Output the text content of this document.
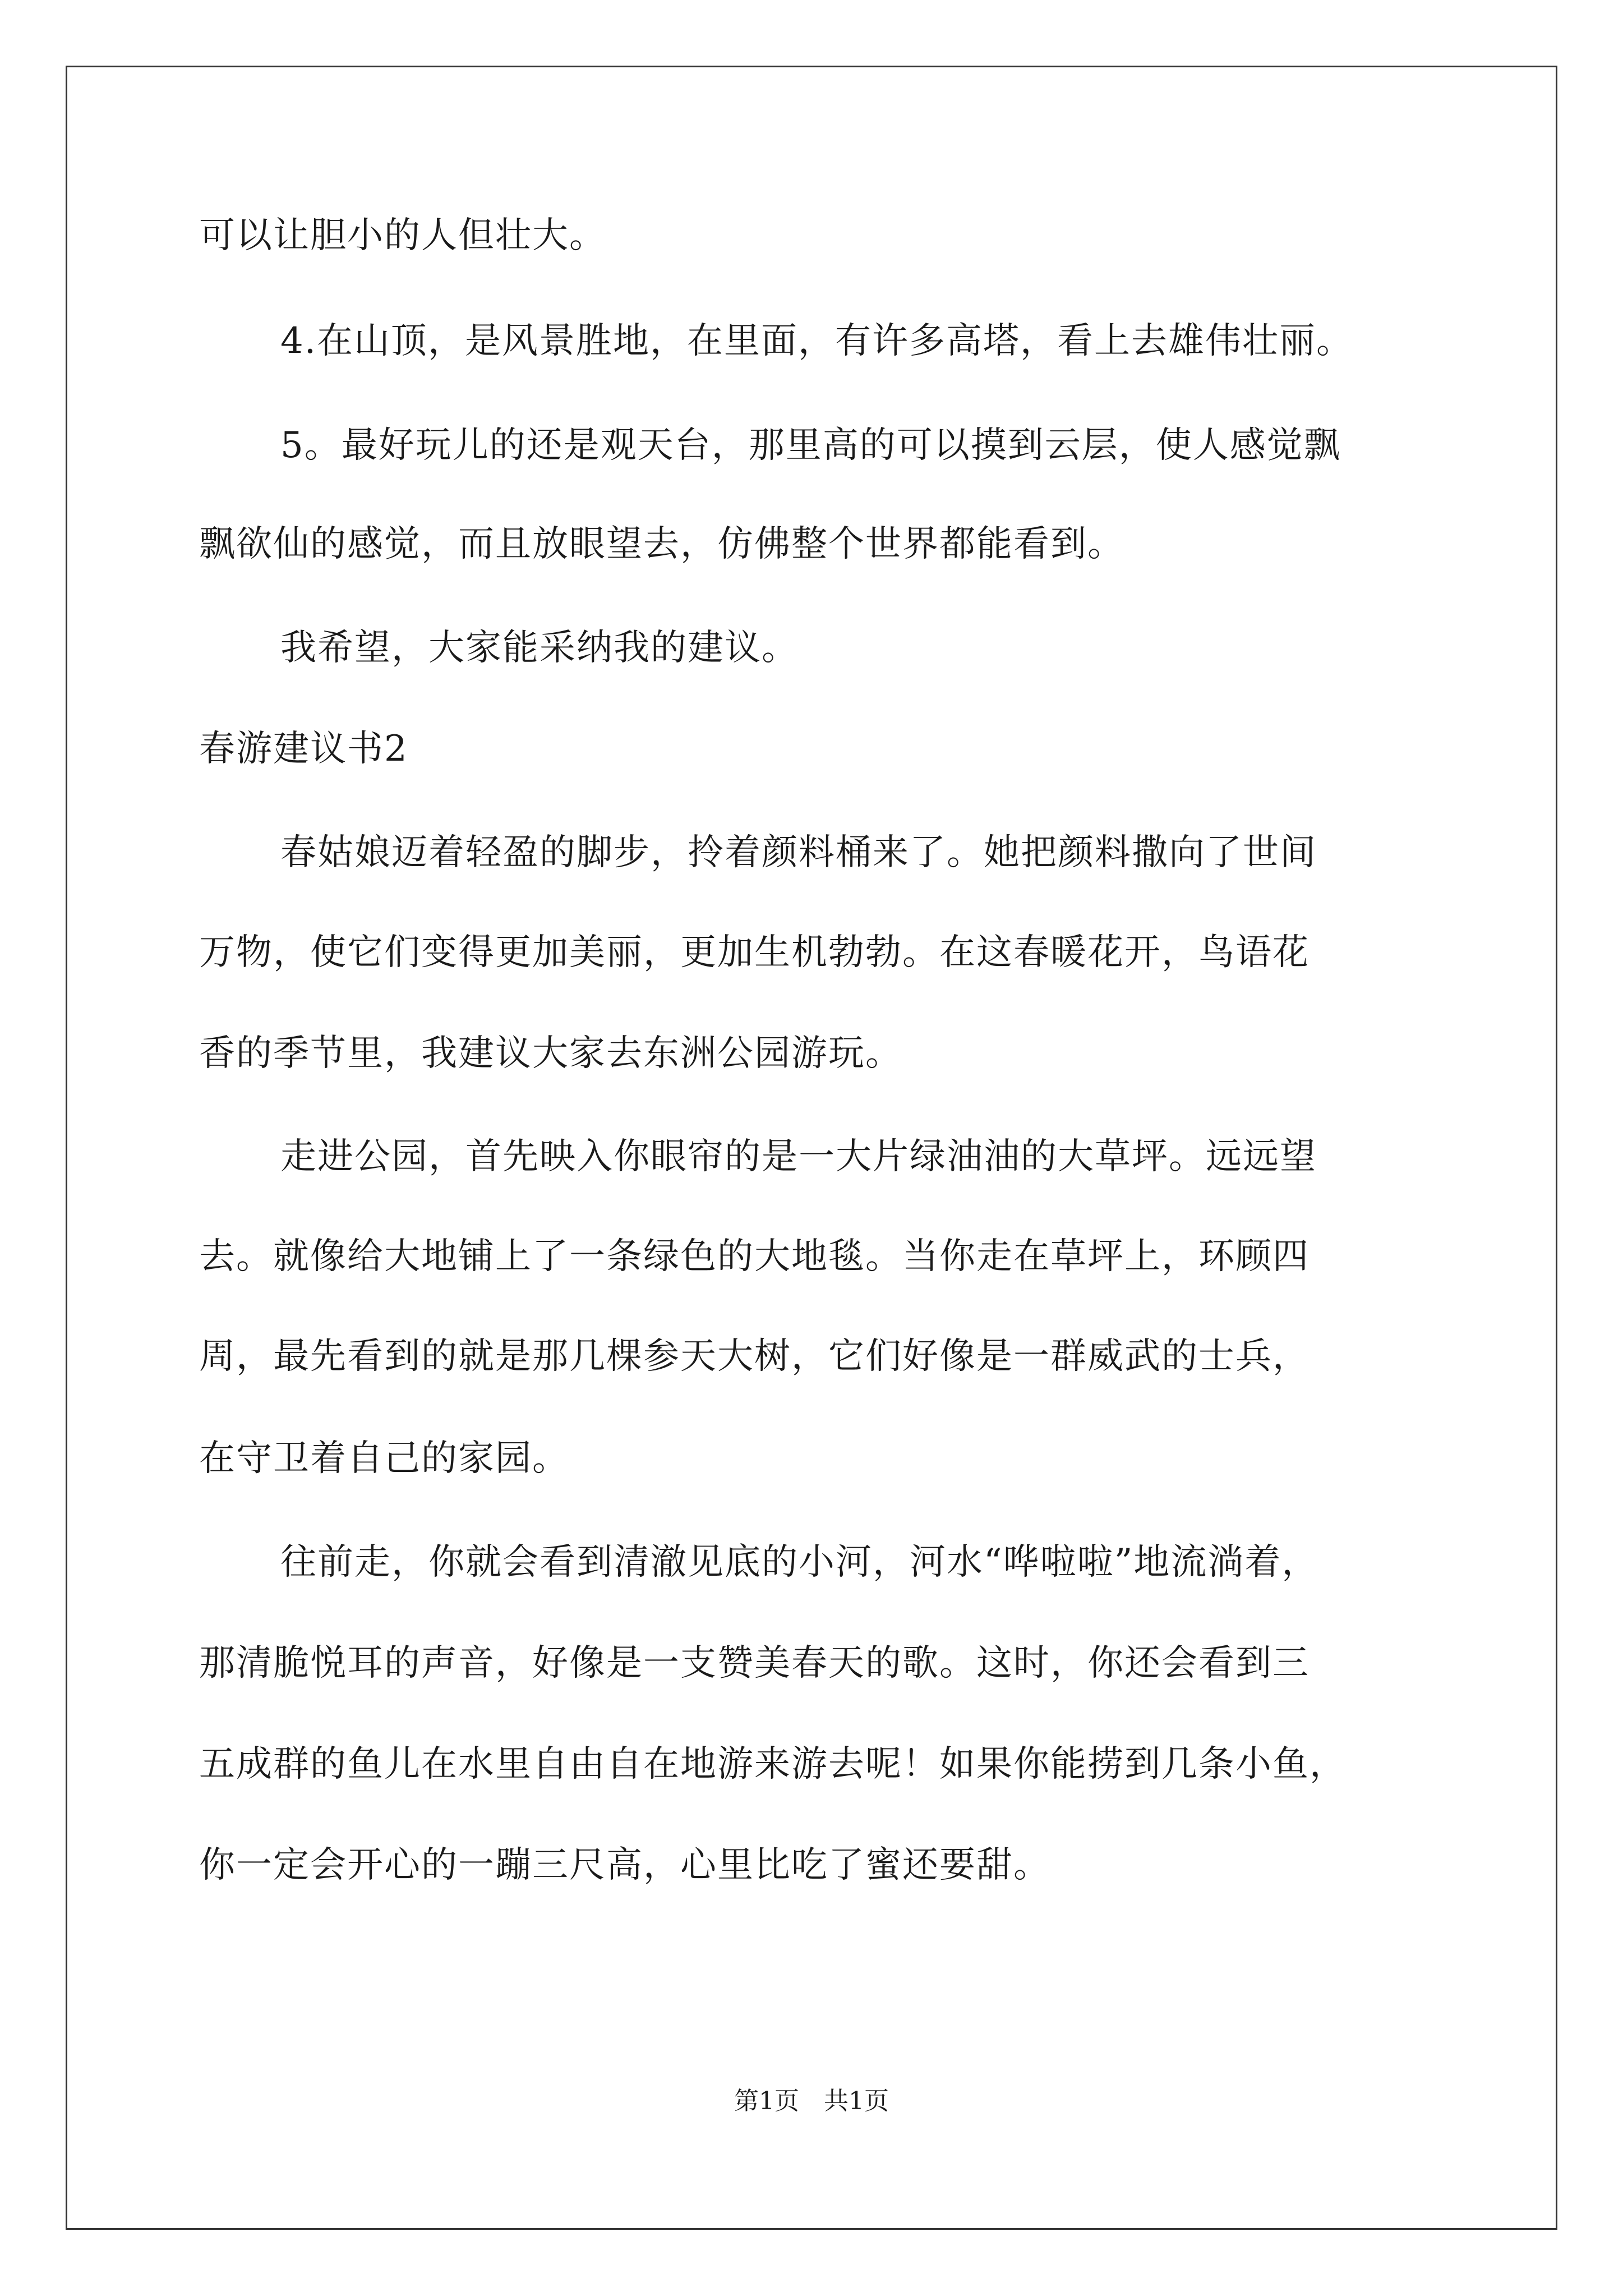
可以让胆小的人但壮大。
4.在山顶，是风景胜地，在里面，有许多高塔，看上去雄伟壮丽。
5。最好玩儿的还是观天台，那里高的可以摸到云层，使人感觉飘
飘欲仙的感觉，而且放眼望去，仿佛整个世界都能看到。
我希望，大家能采纳我的建议。
春游建议书2
春姑娘迈着轻盈的脚步，拎着颜料桶来了。她把颜料撒向了世间
万物，使它们变得更加美丽，更加生机勃勃。在这春暖花开，鸟语花
香的季节里，我建议大家去东洲公园游玩。
走进公园，首先映入你眼帘的是一大片绿油油的大草坪。远远望
去。就像给大地铺上了一条绿色的大地毯。当你走在草坪上，环顾四
周，最先看到的就是那几棵参天大树，它们好像是一群威武的士兵，
在守卫着自己的家园。
往前走，你就会看到清澈见底的小河，河水“哗啦啦”地流淌着，
那清脆悦耳的声音，好像是一支赞美春天的歌。这时，你还会看到三
五成群的鱼儿在水里自由自在地游来游去呢！如果你能捞到几条小鱼，
你一定会开心的一蹦三尺高，心里比吃了蜜还要甜。
第1页　共1页
